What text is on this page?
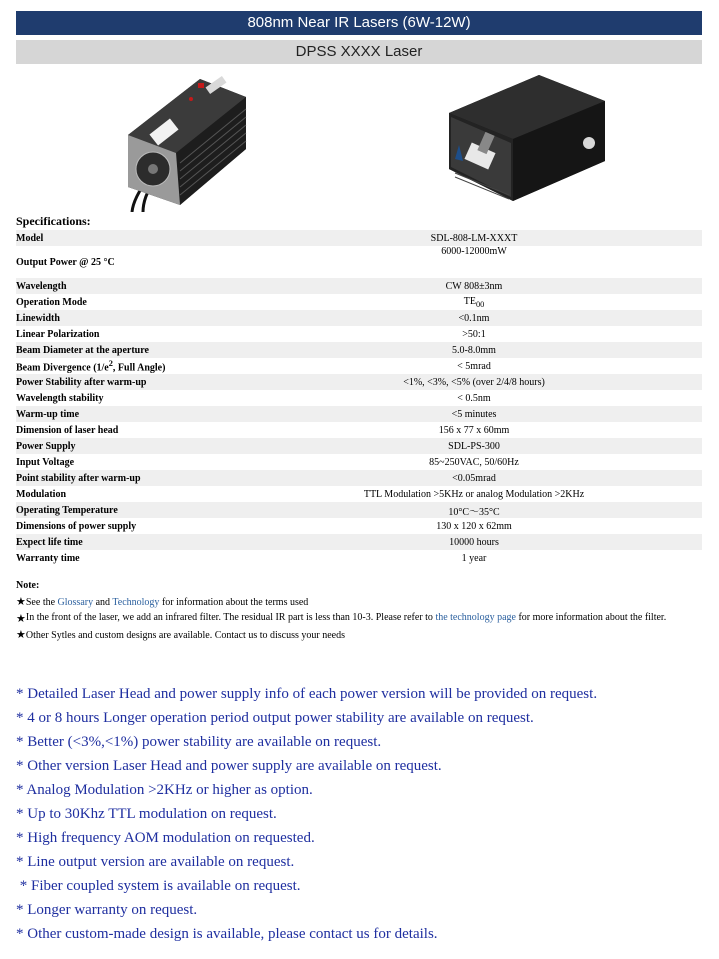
808nm Near IR Lasers (6W-12W)
DPSS XXXX Laser
Specifications:
Model	SDL-808-LM-XXXT
Output Power @ 25 °C	6000-12000mW
Wavelength	CW 808±3nm
Operation Mode	$TE_{00}$
Linewidth	<0.1nm
Linear Polarization	>50:1
Beam Diameter at the aperture	5.0-8.0mm
Beam Divergence ($1/e^2$, Full Angle)	< 5mrad
Power Stability after warm-up	<1%, <3%, <5% (over 2/4/8 hours)
Wavelength stability	< 0.5nm
Warm-up time	<5 minutes
Dimension of laser head	156 x 77 x 60mm
Power Supply	SDL-PS-300
Input Voltage	85~250VAC, 50/60Hz
Point stability after warm-up	<0.05mrad
Modulation	TTL Modulation >5KHz or analog Modulation >2KHz
Operating Temperature	10°C～35°C
Dimensions of power supply	130 x 120 x 62mm
Expect life time	10000 hours
Warranty time	1 year
Note:
★See the Glossary and Technology for information about the terms used
★ In the front of the laser, we add an infrared filter. The residual IR part is less than 10-3. Please refer to the technology page for more information about the filter.
★Other Sytles and custom designs are available. Contact us to discuss your needs
* Detailed Laser Head and power supply info of each power version will be provided on request.
* 4 or 8 hours Longer operation period output power stability are available on request.
* Better (<3%,<1%) power stability are available on request.
* Other version Laser Head and power supply are available on request.
* Analog Modulation >2KHz or higher as option.
* Up to 30Khz TTL modulation on request.
* High frequency AOM modulation on requested.
* Line output version are available on request.
* Fiber coupled system is available on request.
* Longer warranty on request.
* Other custom-made design is available, please contact us for details.
